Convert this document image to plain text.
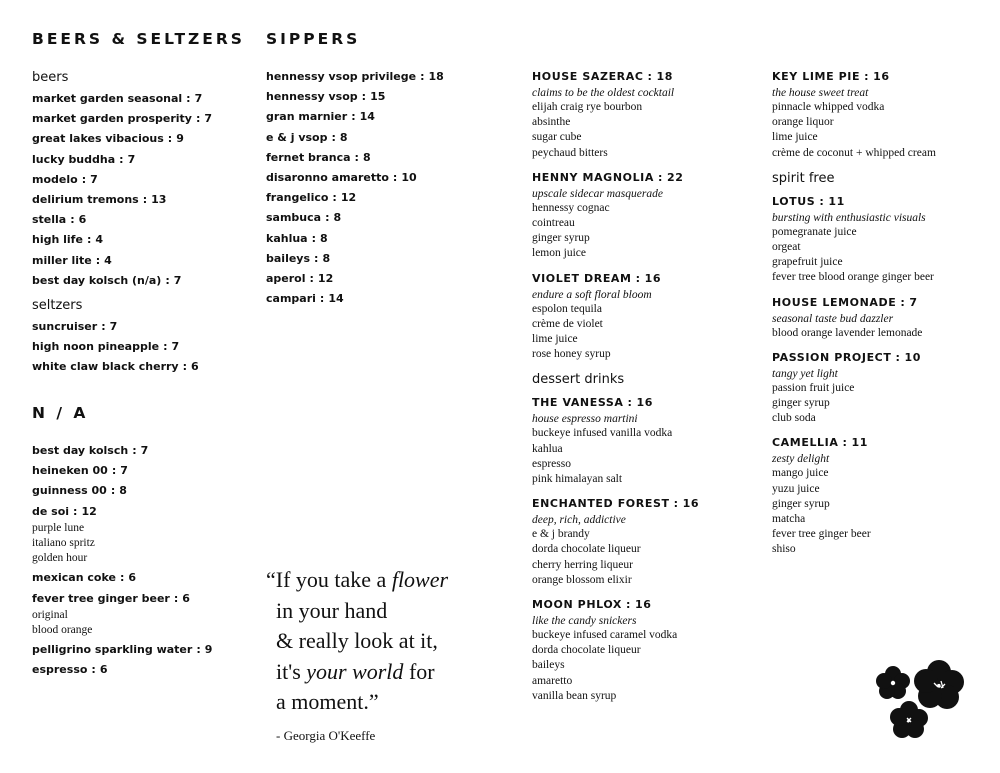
BEERS & SELTZERS SIPPERS

beers

market garden seasonal : 7

market garden prosperity : 7

great lakes vibacious : 9

lucky buddha : 7

modelo : 7

delirium tremons : 13

stella : 6

high life : 4

miller lite : 4

best day kolsch (n/a) : 7

seltzers

suncruiser : 7

high noon pineapple : 7

white claw black cherry : 6

N / A

best day kolsch : 7

heineken 00 : 7

guinness 00 : 8

de soi : 12

purple lune

italiano spritz

golden hour

mexican coke : 6

fever tree ginger beer : 6

original

blood orange

pelligrino sparkling water : 9

espresso : 6

hennessy vsop privilege : 18

hennessy vsop : 15

gran marnier : 14

e & j vsop : 8

fernet branca : 8

disaronno amaretto : 10

frangelico : 12

sambuca : 8

kahlua : 8

baileys : 8

aperol : 12

campari : 14

“If you take a flower
in your hand
& really look at it,
it's your world for
a moment.”

- Georgia O'Keeffe

HOUSE SAZERAC : 18

claims to be the oldest cocktail

elijah craig rye bourbon

absinthe

sugar cube

peychaud bitters

HENNY MAGNOLIA : 22

upscale sidecar masquerade

hennessy cognac

cointreau

ginger syrup

lemon juice

VIOLET DREAM : 16

endure a soft floral bloom

espolon tequila

crème de violet

lime juice

rose honey syrup

dessert drinks

THE VANESSA : 16

house espresso martini

buckeye infused vanilla vodka

kahlua

espresso

pink himalayan salt

ENCHANTED FOREST : 16

deep, rich, addictive

e & j brandy

dorda chocolate liqueur

cherry herring liqueur

orange blossom elixir

MOON PHLOX : 16

like the candy snickers

buckeye infused caramel vodka

dorda chocolate liqueur

baileys

amaretto

vanilla bean syrup

KEY LIME PIE : 16

the house sweet treat

pinnacle whipped vodka

orange liquor

lime juice

crème de coconut + whipped cream

spirit free

LOTUS : 11

bursting with enthusiastic visuals

pomegranate juice

orgeat

grapefruit juice

fever tree blood orange ginger beer

HOUSE LEMONADE : 7

seasonal taste bud dazzler

blood orange lavender lemonade

PASSION PROJECT : 10

tangy yet light

passion fruit juice

ginger syrup

club soda

CAMELLIA : 11

zesty delight

mango juice

yuzu juice

ginger syrup

matcha

fever tree ginger beer

shiso
